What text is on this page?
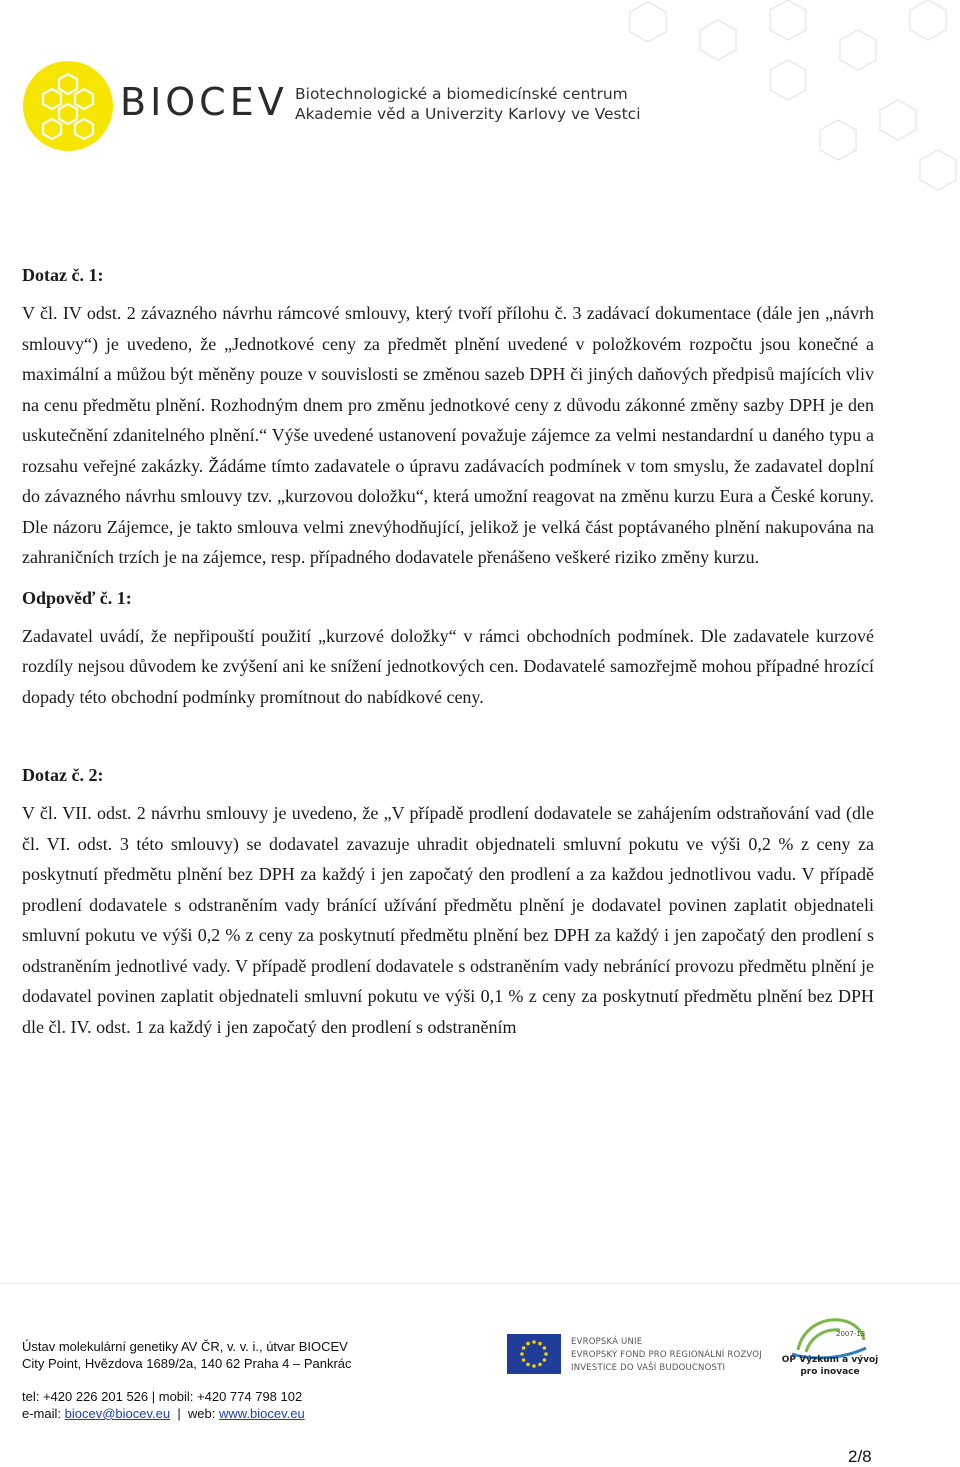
BIOCEV Biotechnologické a biomedicínské centrum
Akademie věd a Univerzity Karlovy ve Vestci

Dotaz č. 1:

V čl. IV odst. 2 závazného návrhu rámcové smlouvy, který tvoří přílohu č. 3 zadávací dokumentace (dále jen „návrh smlouvy“) je uvedeno, že „Jednotkové ceny za předmět plnění uvedené v položkovém rozpočtu jsou konečné a maximální a můžou být měněny pouze v souvislosti se změnou sazeb DPH či jiných daňových předpisů majících vliv na cenu předmětu plnění. Rozhodným dnem pro změnu jednotkové ceny z důvodu zákonné změny sazby DPH je den uskutečnění zdanitelného plnění.“ Výše uvedené ustanovení považuje zájemce za velmi nestandardní u daného typu a rozsahu veřejné zakázky. Žádáme tímto zadavatele o úpravu zadávacích podmínek v tom smyslu, že zadavatel doplní do závazného návrhu smlouvy tzv. „kurzovou doložku“, která umožní reagovat na změnu kurzu Eura a České koruny. Dle názoru Zájemce, je takto smlouva velmi znevýhodňující, jelikož je velká část poptávaného plnění nakupována na zahraničních trzích je na zájemce, resp. případného dodavatele přenášeno veškeré riziko změny kurzu.

Odpověď č. 1:

Zadavatel uvádí, že nepřipouští použití „kurzové doložky“ v rámci obchodních podmínek. Dle zadavatele kurzové rozdíly nejsou důvodem ke zvýšení ani ke snížení jednotkových cen. Dodavatelé samozřejmě mohou případné hrozící dopady této obchodní podmínky promítnout do nabídkové ceny.

Dotaz č. 2:

V čl. VII. odst. 2 návrhu smlouvy je uvedeno, že „V případě prodlení dodavatele se zahájením odstraňování vad (dle čl. VI. odst. 3 této smlouvy) se dodavatel zavazuje uhradit objednateli smluvní pokutu ve výši 0,2 % z ceny za poskytnutí předmětu plnění bez DPH za každý i jen započatý den prodlení a za každou jednotlivou vadu. V případě prodlení dodavatele s odstraněním vady bránící užívání předmětu plnění je dodavatel povinen zaplatit objednateli smluvní pokutu ve výši 0,2 % z ceny za poskytnutí předmětu plnění bez DPH za každý i jen započatý den prodlení s odstraněním jednotlivé vady. V případě prodlení dodavatele s odstraněním vady nebránící provozu předmětu plnění je dodavatel povinen zaplatit objednateli smluvní pokutu ve výši 0,1 % z ceny za poskytnutí předmětu plnění bez DPH dle čl. IV. odst. 1 za každý i jen započatý den prodlení s odstraněním

Ústav molekulární genetiky AV ČR, v. v. i., útvar BIOCEV
City Point, Hvězdova 1689/2a, 140 62 Praha 4 – Pankrác
tel: +420 226 201 526 | mobil: +420 774 798 102
e-mail: biocev@biocev.eu  |  web: www.biocev.eu
EVROPSKÁ UNIE
EVROPSKÝ FOND PRO REGIONÁLNÍ ROZVOJ
INVESTICE DO VAŠÍ BUDOUCNOSTI
2007-13
OP Výzkum a vývoj
pro inovace
2/8
